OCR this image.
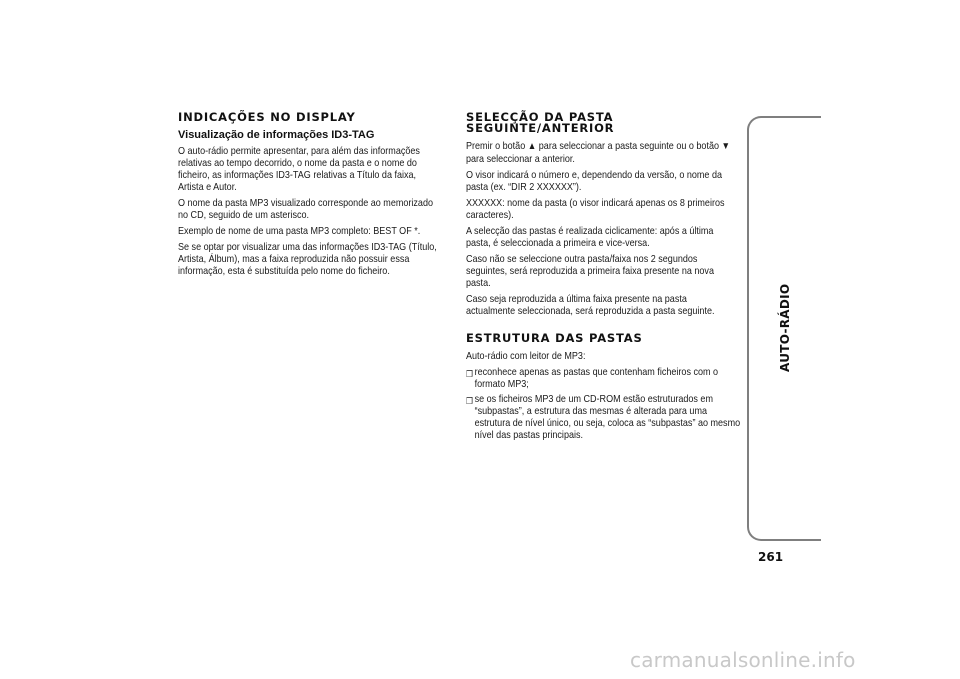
INDICAÇÕES NO DISPLAY
Visualização de informações ID3-TAG

O auto-rádio permite apresentar, para além das informações relativas ao tempo decorrido, o nome da pasta e o nome do ficheiro, as informações ID3-TAG relativas a Título da faixa, Artista e Autor.

O nome da pasta MP3 visualizado corresponde ao memorizado no CD, seguido de um asterisco.

Exemplo de nome de uma pasta MP3 completo: BEST OF *.

Se se optar por visualizar uma das informações ID3-TAG (Título, Artista, Álbum), mas a faixa reproduzida não possuir essa informação, esta é substituída pelo nome do ficheiro.

SELECÇÃO DA PASTA
SEGUINTE/ANTERIOR

Premir o botão ▲ para seleccionar a pasta seguinte ou o botão ▼ para seleccionar a anterior.

O visor indicará o número e, dependendo da versão, o nome da pasta (ex. “DIR 2 XXXXXX”).

XXXXXX: nome da pasta (o visor indicará apenas os 8 primeiros caracteres).

A selecção das pastas é realizada ciclicamente: após a última pasta, é seleccionada a primeira e vice-versa.

Caso não se seleccione outra pasta/faixa nos 2 segundos seguintes, será reproduzida a primeira faixa presente na nova pasta.

Caso seja reproduzida a última faixa presente na pasta actualmente seleccionada, será reproduzida a pasta seguinte.

ESTRUTURA DAS PASTAS

Auto-rádio com leitor de MP3:

❒ reconhece apenas as pastas que contenham ficheiros com o formato MP3;
❒ se os ficheiros MP3 de um CD-ROM estão estruturados em “subpastas”, a estrutura das mesmas é alterada para uma estrutura de nível único, ou seja, coloca as “subpastas” ao mesmo nível das pastas principais.
AUTO-RÁDIO
261
carmanualsonline.info
